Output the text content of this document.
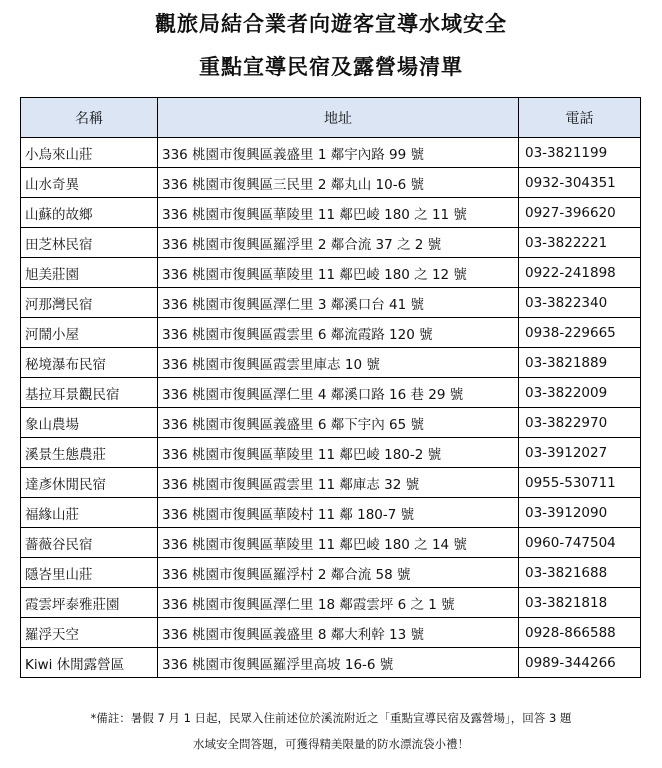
觀旅局結合業者向遊客宣導水域安全
重點宣導民宿及露營場清單
名稱	地址	電話
小烏來山莊	336 桃園市復興區義盛里 1 鄰宇內路 99 號	03-3821199
山水奇異	336 桃園市復興區三民里 2 鄰丸山 10-6 號	0932-304351
山蘇的故鄉	336 桃園市復興區華陵里 11 鄰巴崚 180 之 11 號	0927-396620
田芝林民宿	336 桃園市復興區羅浮里 2 鄰合流 37 之 2 號	03-3822221
旭美莊園	336 桃園市復興區華陵里 11 鄰巴崚 180 之 12 號	0922-241898
河那灣民宿	336 桃園市復興區澤仁里 3 鄰溪口台 41 號	03-3822340
河鬧小屋	336 桃園市復興區霞雲里 6 鄰流霞路 120 號	0938-229665
秘境瀑布民宿	336 桃園市復興區霞雲里庫志 10 號	03-3821889
基拉耳景觀民宿	336 桃園市復興區澤仁里 4 鄰溪口路 16 巷 29 號	03-3822009
象山農場	336 桃園市復興區義盛里 6 鄰下宇內 65 號	03-3822970
溪景生態農莊	336 桃園市復興區華陵里 11 鄰巴崚 180-2 號	03-3912027
達彥休閒民宿	336 桃園市復興區霞雲里 11 鄰庫志 32 號	0955-530711
福緣山莊	336 桃園市復興區華陵村 11 鄰 180-7 號	03-3912090
薔薇谷民宿	336 桃園市復興區華陵里 11 鄰巴崚 180 之 14 號	0960-747504
隱峇里山莊	336 桃園市復興區羅浮村 2 鄰合流 58 號	03-3821688
霞雲坪泰雅莊園	336 桃園市復興區澤仁里 18 鄰霞雲坪 6 之 1 號	03-3821818
羅浮天空	336 桃園市復興區義盛里 8 鄰大利幹 13 號	0928-866588
Kiwi 休閒露營區	336 桃園市復興區羅浮里高坡 16-6 號	0989-344266
*備註：暑假 7 月 1 日起，民眾入住前述位於溪流附近之「重點宣導民宿及露營場」，回答 3 題
水域安全問答題，可獲得精美限量的防水漂流袋小禮！
